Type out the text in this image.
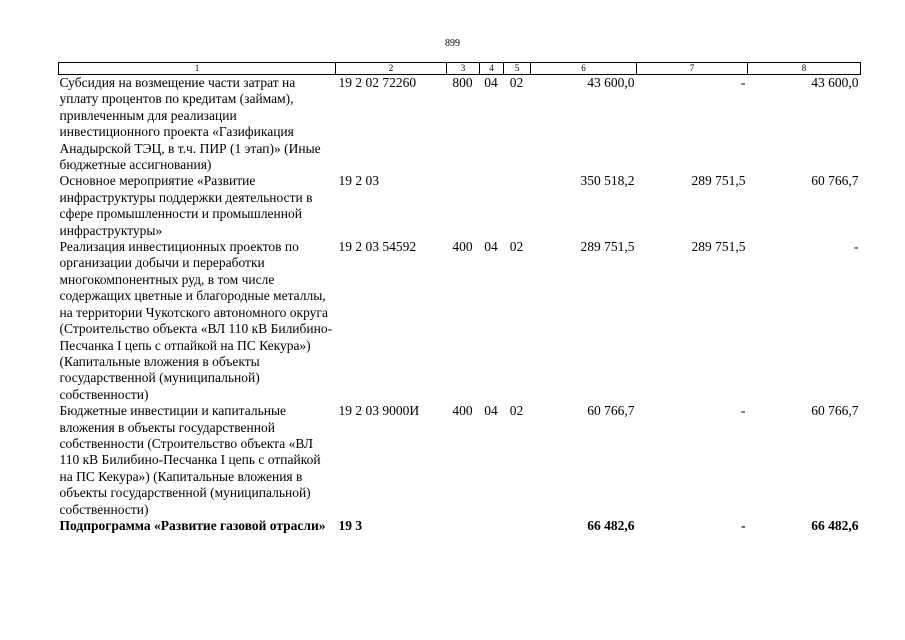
899
1	2	3	4	5	6	7	8
Субсидия на возмещение части затрат на уплату процентов по кредитам (займам), привлеченным для реализации инвестиционного проекта «Газификация Анадырской ТЭЦ, в т.ч. ПИР (1 этап)» (Иные бюджетные ассигнования)	19 2 02 72260	800	04	02	43 600,0	-	43 600,0
Основное мероприятие «Развитие инфраструктуры поддержки деятельности в сфере промышленности и промышленной инфраструктуры»	19 2 03				350 518,2	289 751,5	60 766,7
Реализация инвестиционных проектов по организации добычи и переработки многокомпонентных руд, в том числе содержащих цветные и благородные металлы, на территории Чукотского автономного округа (Строительство объекта «ВЛ 110 кВ Билибино-Песчанка I цепь с отпайкой на ПС Кекура») (Капитальные вложения в объекты государственной (муниципальной) собственности)	19 2 03 54592	400	04	02	289 751,5	289 751,5	-
Бюджетные инвестиции и капитальные вложения в объекты государственной собственности (Строительство объекта «ВЛ 110 кВ Билибино-Песчанка I цепь с отпайкой на ПС Кекура») (Капитальные вложения в объекты государственной (муниципальной) собственности)	19 2 03 9000И	400	04	02	60 766,7	-	60 766,7
Подпрограмма «Развитие газовой отрасли»	19 3				66 482,6	-	66 482,6
